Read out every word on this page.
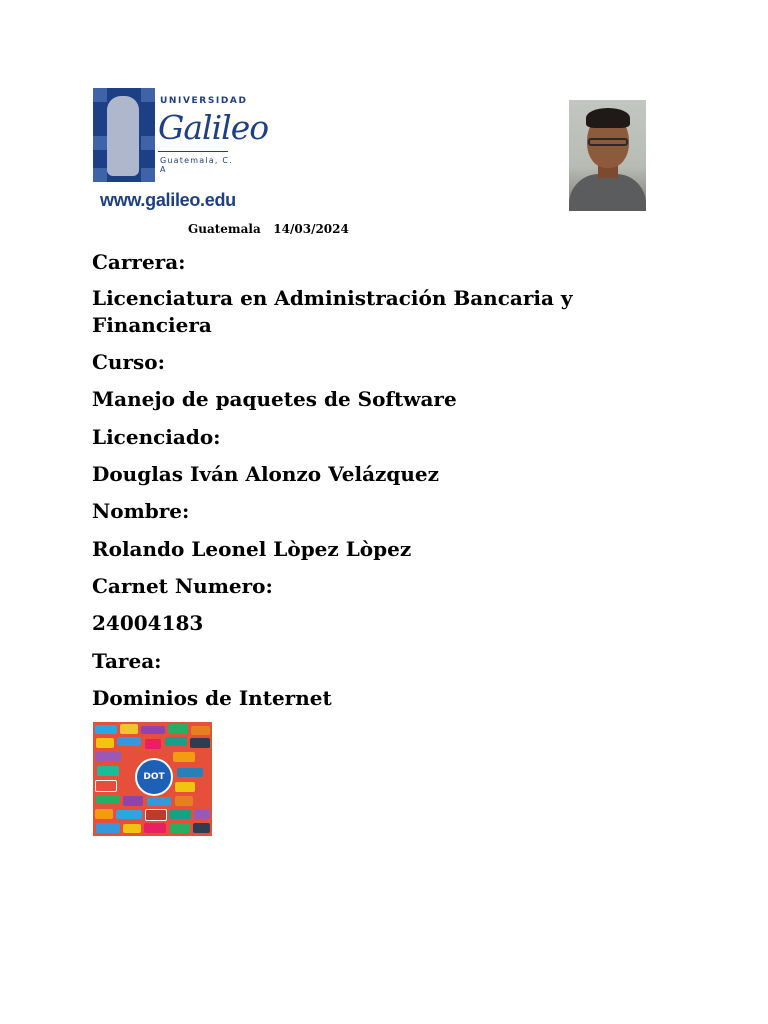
UNIVERSIDAD
Galileo
Guatemala, C. A
www.galileo.edu
Guatemala 14/03/2024
Carrera:
Licenciatura en Administración Bancaria y Financiera
Curso:
Manejo de paquetes de Software
Licenciado:
Douglas Iván Alonzo Velázquez
Nombre:
Rolando Leonel Lòpez Lòpez
Carnet Numero:
24004183
Tarea:
Dominios de Internet
DOT
